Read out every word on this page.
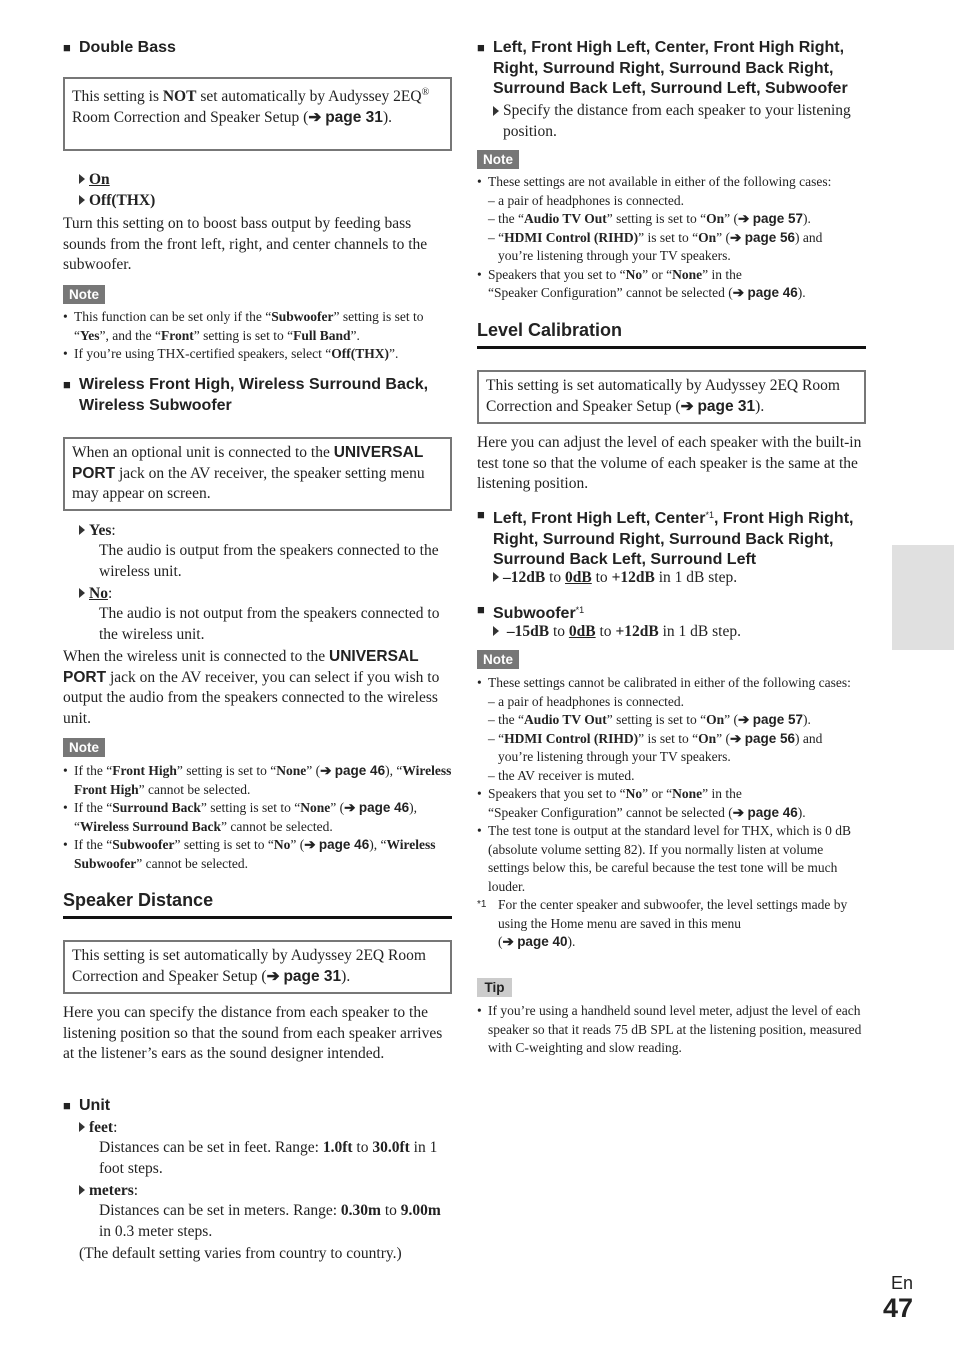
■ Double Bass
This setting is NOT set automatically by Audyssey 2EQ® Room Correction and Speaker Setup (➔ page 31).
On
Off(THX)
Turn this setting on to boost bass output by feeding bass sounds from the front left, right, and center channels to the subwoofer.
Note
• This function can be set only if the “Subwoofer” setting is set to “Yes”, and the “Front” setting is set to “Full Band”.
• If you’re using THX-certified speakers, select “Off(THX)”.
■ Wireless Front High, Wireless Surround Back, Wireless Subwoofer
When an optional unit is connected to the UNIVERSAL PORT jack on the AV receiver, the speaker setting menu may appear on screen.
Yes:
The audio is output from the speakers connected to the wireless unit.
No:
The audio is not output from the speakers connected to the wireless unit.
When the wireless unit is connected to the UNIVERSAL PORT jack on the AV receiver, you can select if you wish to output the audio from the speakers connected to the wireless unit.
Note
• If the “Front High” setting is set to “None” (➔ page 46), “Wireless Front High” cannot be selected.
• If the “Surround Back” setting is set to “None” (➔ page 46), “Wireless Surround Back” cannot be selected.
• If the “Subwoofer” setting is set to “No” (➔ page 46), “Wireless Subwoofer” cannot be selected.
Speaker Distance
This setting is set automatically by Audyssey 2EQ Room Correction and Speaker Setup (➔ page 31).
Here you can specify the distance from each speaker to the listening position so that the sound from each speaker arrives at the listener’s ears as the sound designer intended.
■ Unit
feet:
Distances can be set in feet. Range: 1.0ft to 30.0ft in 1 foot steps.
meters:
Distances can be set in meters. Range: 0.30m to 9.00m in 0.3 meter steps.
(The default setting varies from country to country.)
■ Left, Front High Left, Center, Front High Right, Right, Surround Right, Surround Back Right, Surround Back Left, Surround Left, Subwoofer
Specify the distance from each speaker to your listening position.
Note
• These settings are not available in either of the following cases:
– a pair of headphones is connected.
– the “Audio TV Out” setting is set to “On” (➔ page 57).
– “HDMI Control (RIHD)” is set to “On” (➔ page 56) and
you’re listening through your TV speakers.
• Speakers that you set to “No” or “None” in the
“Speaker Configuration” cannot be selected (➔ page 46).
Level Calibration
This setting is set automatically by Audyssey 2EQ Room Correction and Speaker Setup (➔ page 31).
Here you can adjust the level of each speaker with the built-in test tone so that the volume of each speaker is the same at the listening position.
■ Left, Front High Left, Center$^{*1}$, Front High Right, Right, Surround Right, Surround Back Right, Surround Back Left, Surround Left
–12dB to 0dB to +12dB in 1 dB step.
■ Subwoofer$^{*1}$
–15dB to 0dB to +12dB in 1 dB step.
Note
• These settings cannot be calibrated in either of the following cases:
– a pair of headphones is connected.
– the “Audio TV Out” setting is set to “On” (➔ page 57).
– “HDMI Control (RIHD)” is set to “On” (➔ page 56) and
you’re listening through your TV speakers.
– the AV receiver is muted.
• Speakers that you set to “No” or “None” in the
“Speaker Configuration” cannot be selected (➔ page 46).
• The test tone is output at the standard level for THX, which is 0 dB (absolute volume setting 82). If you normally listen at volume settings below this, be careful because the test tone will be much louder.
*1 For the center speaker and subwoofer, the level settings made by using the Home menu are saved in this menu
(➔ page 40).
Tip
• If you’re using a handheld sound level meter, adjust the level of each speaker so that it reads 75 dB SPL at the listening position, measured with C-weighting and slow reading.
En
47
